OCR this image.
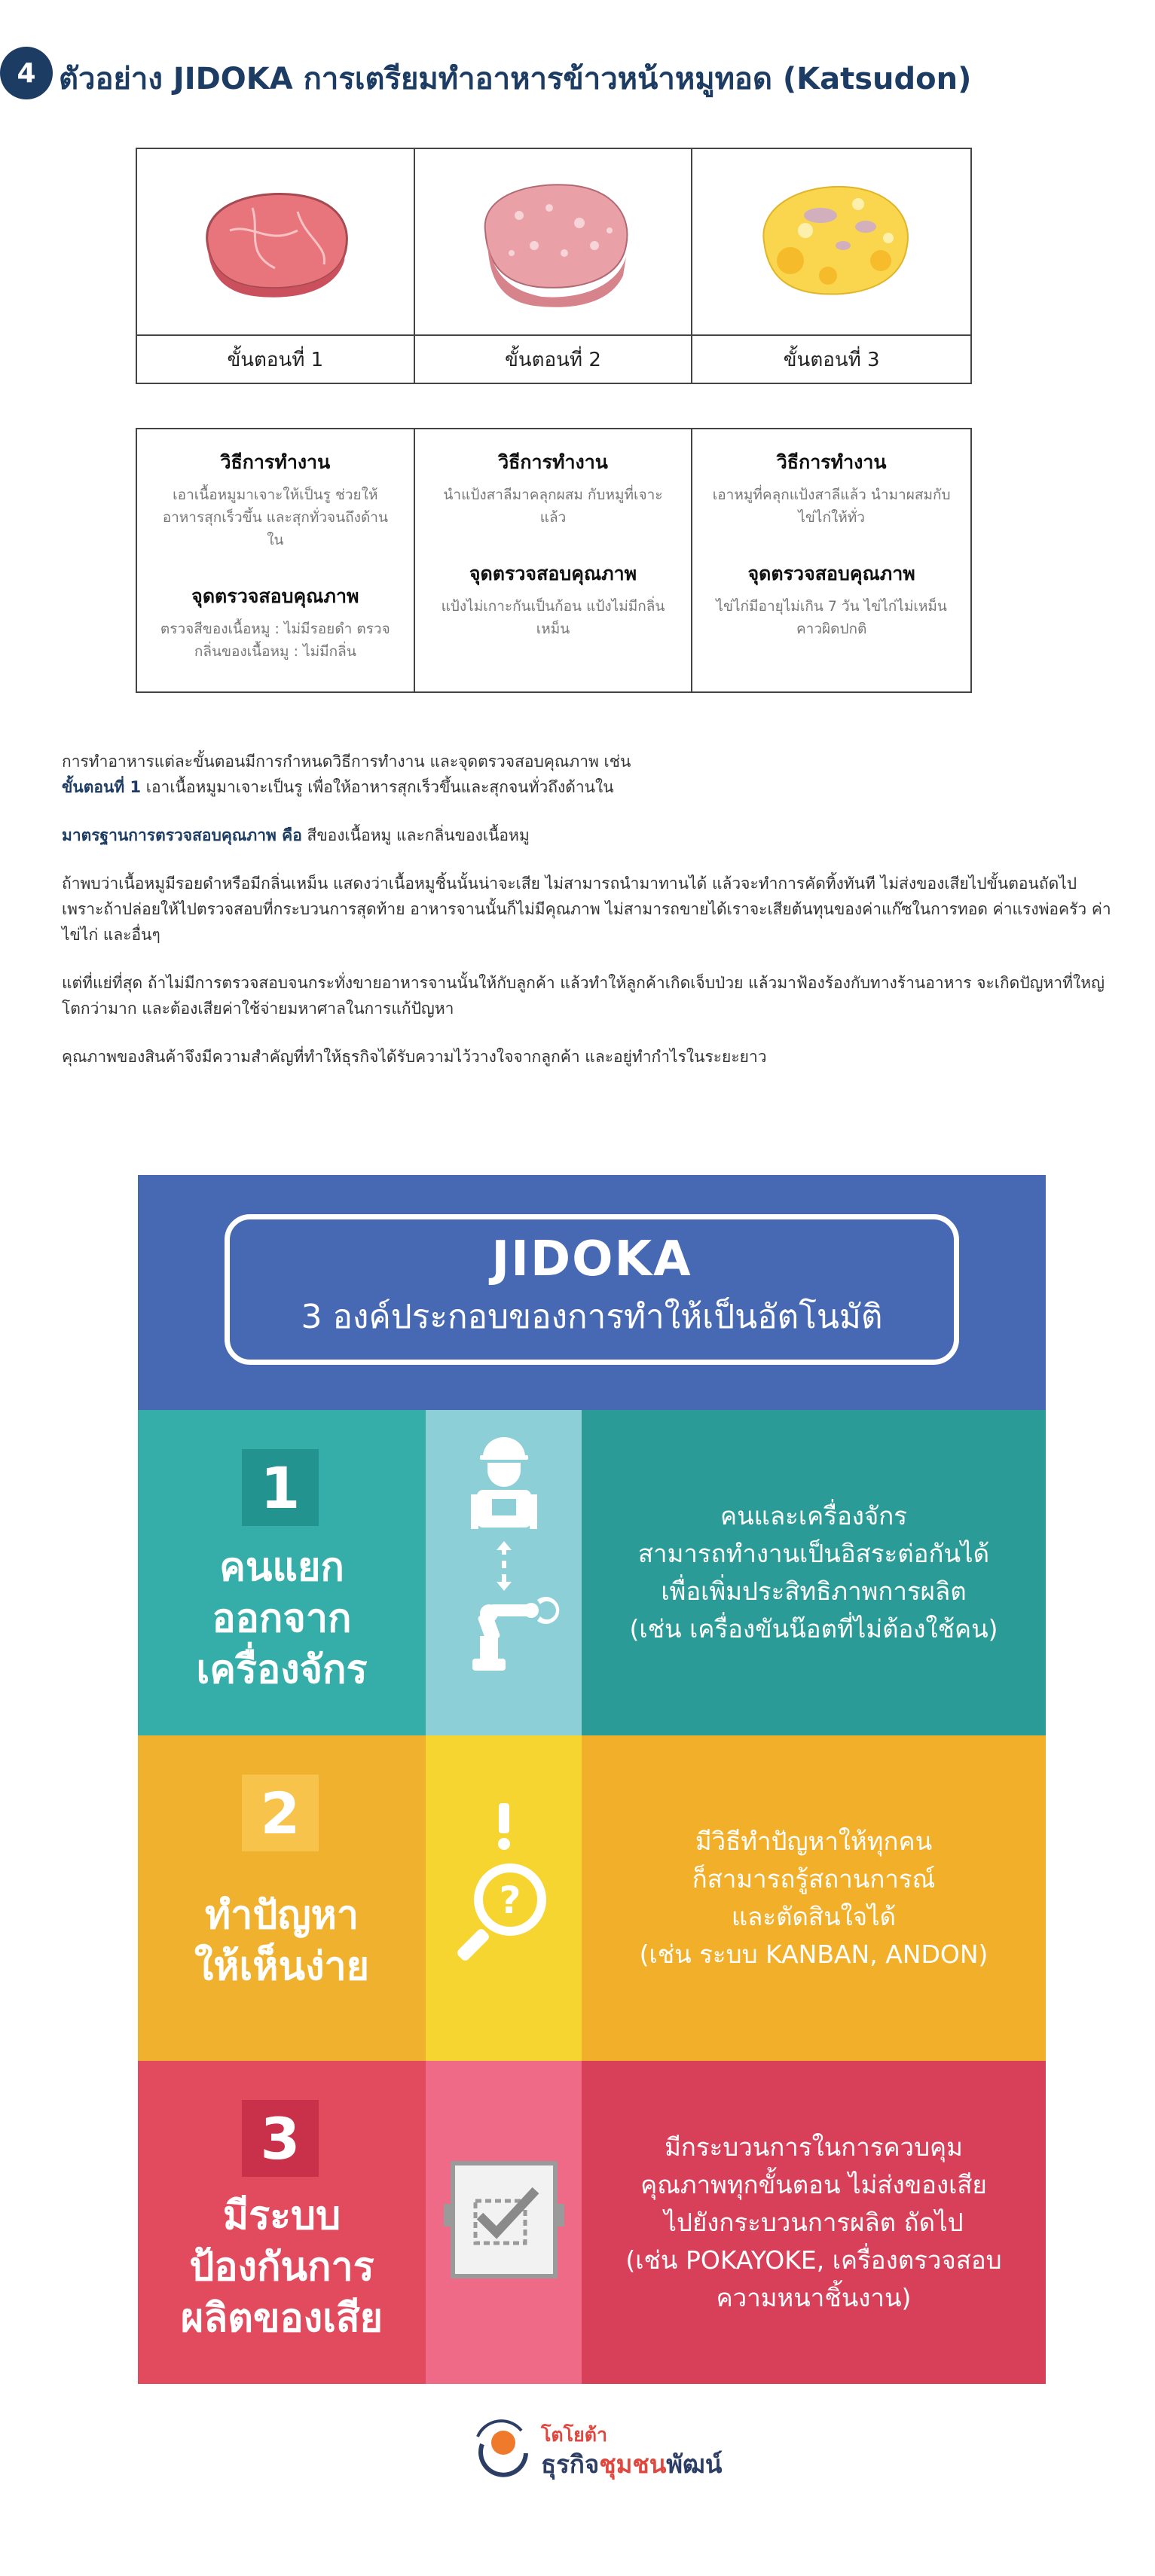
4 ตัวอย่าง JIDOKA การเตรียมทำอาหารข้าวหน้าหมูทอด (Katsudon)
ขั้นตอนที่ 1	ขั้นตอนที่ 2	ขั้นตอนที่ 3
วิธีการทำงาน
เอาเนื้อหมูมาเจาะให้เป็นรู ช่วยให้อาหารสุกเร็วขึ้น และสุกทั่วจนถึงด้านใน
จุดตรวจสอบคุณภาพ
ตรวจสีของเนื้อหมู : ไม่มีรอยดำ ตรวจกลิ่นของเนื้อหมู : ไม่มีกลิ่น
วิธีการทำงาน
นำแป้งสาลีมาคลุกผสม กับหมูที่เจาะแล้ว
จุดตรวจสอบคุณภาพ
แป้งไม่เกาะกันเป็นก้อน แป้งไม่มีกลิ่นเหม็น
วิธีการทำงาน
เอาหมูที่คลุกแป้งสาลีแล้ว นำมาผสมกับไข่ไก่ให้ทั่ว
จุดตรวจสอบคุณภาพ
ไข่ไก่มีอายุไม่เกิน 7 วัน ไข่ไก่ไม่เหม็นคาวผิดปกติ

การทำอาหารแต่ละขั้นตอนมีการกำหนดวิธีการทำงาน และจุดตรวจสอบคุณภาพ เช่น
ขั้นตอนที่ 1 เอาเนื้อหมูมาเจาะเป็นรู เพื่อให้อาหารสุกเร็วขึ้นและสุกจนทั่วถึงด้านใน

มาตรฐานการตรวจสอบคุณภาพ คือ สีของเนื้อหมู และกลิ่นของเนื้อหมู

ถ้าพบว่าเนื้อหมูมีรอยดำหรือมีกลิ่นเหม็น แสดงว่าเนื้อหมูชิ้นนั้นน่าจะเสีย ไม่สามารถนำมาทานได้ แล้วจะทำการคัดทิ้งทันที ไม่ส่งของเสียไปขั้นตอนถัดไป เพราะถ้าปล่อยให้ไปตรวจสอบที่กระบวนการสุดท้าย อาหารจานนั้นก็ไม่มีคุณภาพ ไม่สามารถขายได้เราจะเสียต้นทุนของค่าแก๊ซในการทอด ค่าแรงพ่อครัว ค่าไข่ไก่ และอื่นๆ

แต่ที่แย่ที่สุด ถ้าไม่มีการตรวจสอบจนกระทั่งขายอาหารจานนั้นให้กับลูกค้า แล้วทำให้ลูกค้าเกิดเจ็บป่วย แล้วมาฟ้องร้องกับทางร้านอาหาร จะเกิดปัญหาที่ใหญ่โตกว่ามาก และต้องเสียค่าใช้จ่ายมหาศาลในการแก้ปัญหา

คุณภาพของสินค้าจึงมีความสำคัญที่ทำให้ธุรกิจได้รับความไว้วางใจจากลูกค้า และอยู่ทำกำไรในระยะยาว

JIDOKA
3 องค์ประกอบของการทำให้เป็นอัตโนมัติ
1
คนแยก
ออกจาก
เครื่องจักร
คนและเครื่องจักร
สามารถทำงานเป็นอิสระต่อกันได้
เพื่อเพิ่มประสิทธิภาพการผลิต
(เช่น เครื่องขันน๊อตที่ไม่ต้องใช้คน)
2
ทำปัญหา
ให้เห็นง่าย
?
มีวิธีทำปัญหาให้ทุกคน
ก็สามารถรู้สถานการณ์
และตัดสินใจได้
(เช่น ระบบ KANBAN, ANDON)
3
มีระบบ
ป้องกันการ
ผลิตของเสีย
มีกระบวนการในการควบคุม
คุณภาพทุกขั้นตอน ไม่ส่งของเสีย
ไปยังกระบวนการผลิต ถัดไป
(เช่น POKAYOKE, เครื่องตรวจสอบ
ความหนาชิ้นงาน)
โตโยต้า
ธุรกิจชุมชนพัฒน์
